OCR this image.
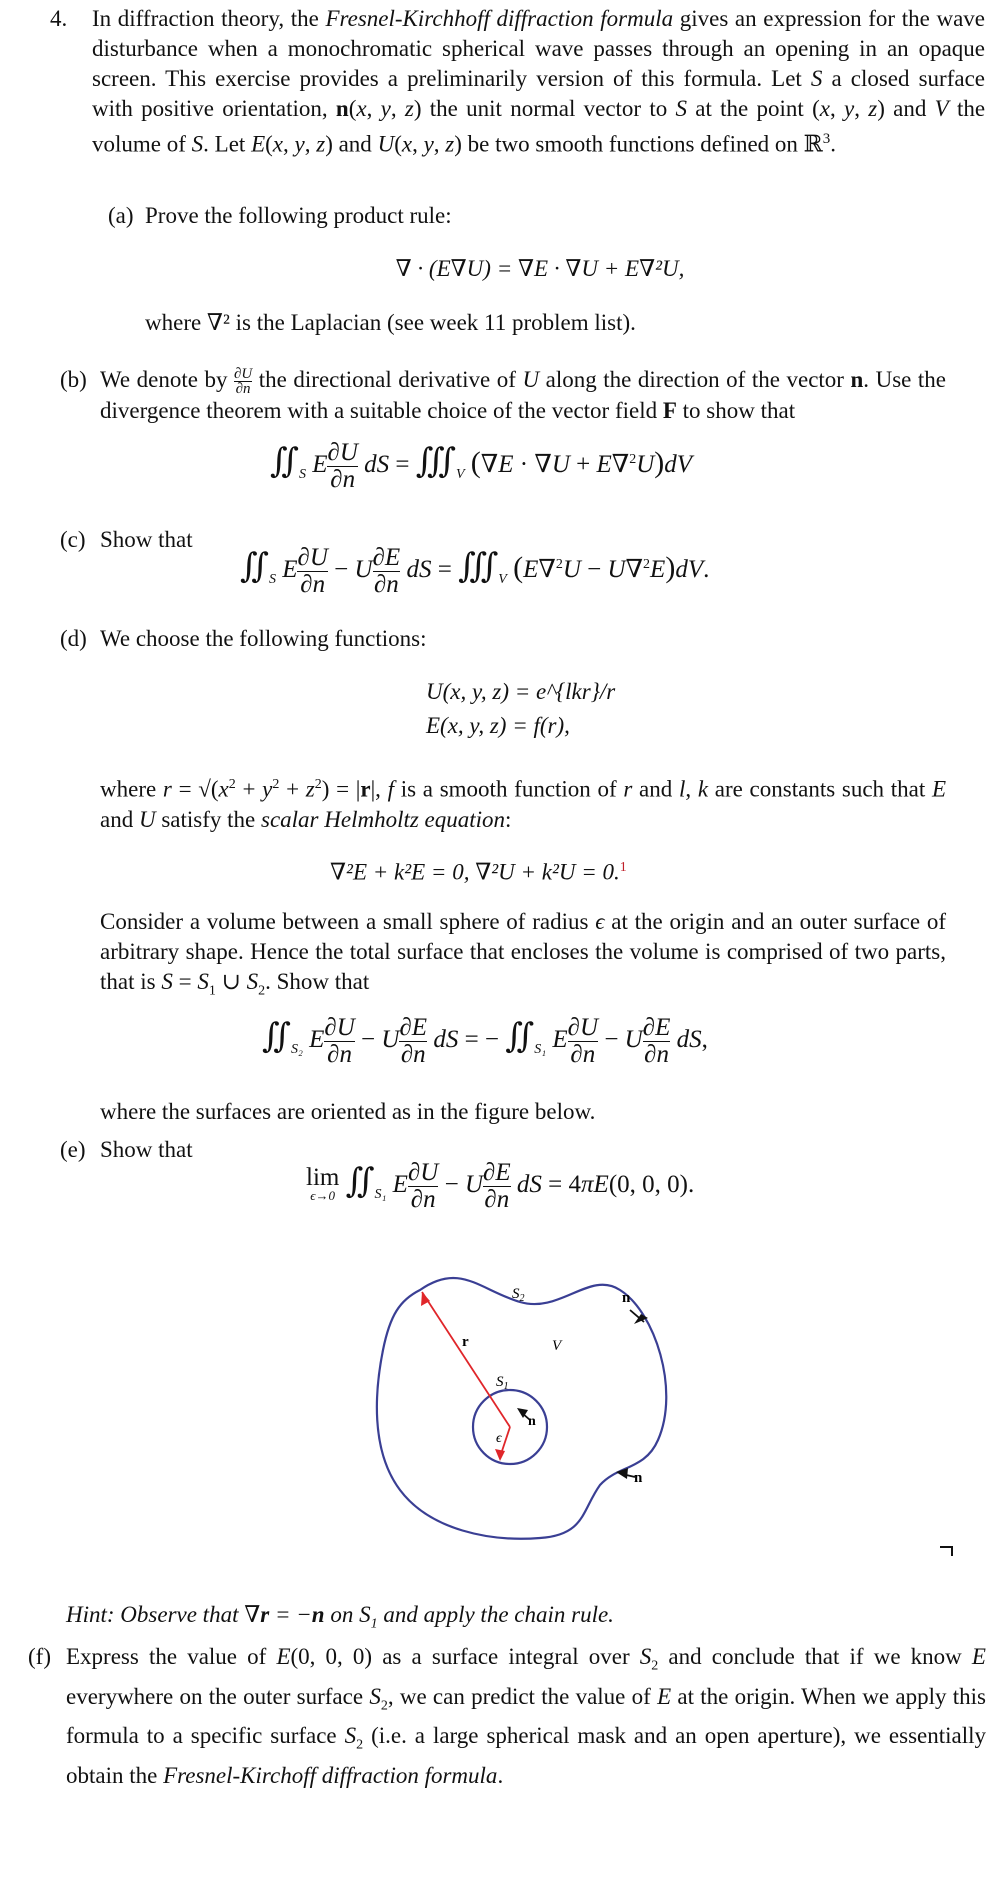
4. In diffraction theory, the Fresnel-Kirchhoff diffraction formula gives an expression for the wave disturbance when a monochromatic spherical wave passes through an opening in an opaque screen. This exercise provides a preliminarily version of this formula. Let S a closed surface with positive orientation, n(x, y, z) the unit normal vector to S at the point (x, y, z) and V the volume of S. Let E(x, y, z) and U(x, y, z) be two smooth functions defined on ℝ$^3$.
(a) Prove the following product rule:
∇ · (E∇U) = ∇E · ∇U + E∇²U,
where ∇² is the Laplacian (see week 11 problem list).
(b) We denote by $\frac{\partial U}{\partial n}$ the directional derivative of U along the direction of the vector n. Use the divergence theorem with a suitable choice of the vector field F to show that
$∬_S$ E $\frac{\partial U}{\partial n}$ dS = $∭_V$ (∇E · ∇U + E∇$^2$U)dV
(c) Show that
$∬_S$ E $\frac{\partial U}{\partial n} - U \frac{\partial E}{\partial n}$ dS = $∭_V$ (E∇$^2$U − U∇$^2$E)dV.
(d) We choose the following functions:
U(x, y, z) = e^{lkr}/r
E(x, y, z) = f(r),
where $r = √(x^2 + y^2 + z^2) = |r|$, f is a smooth function of r and l, k are constants such that E and U satisfy the scalar Helmholtz equation:
∇²E + k²E = 0, ∇²U + k²U = 0.$^1$
Consider a volume between a small sphere of radius ϵ at the origin and an outer surface of arbitrary shape. Hence the total surface that encloses the volume is comprised of two parts, that is $S = S_1$ ∪ $S_2$. Show that
$∬_{S_2}$ E $\frac{\partial U}{\partial n} - U \frac{\partial E}{\partial n}$ dS = − $∬_{S_1}$ E $\frac{\partial U}{\partial n} - U \frac{\partial E}{\partial n}$ dS,
where the surfaces are oriented as in the figure below.
(e) Show that
lim
ϵ→0 $∬_{S_1}$ E $\frac{\partial U}{\partial n} - U \frac{\partial E}{\partial n}$ dS = 4πE(0, 0, 0).
$S_2$	n
r	V
$S_1$
n
ϵ
n
Hint: Observe that ∇r = −n on $S_1$ and apply the chain rule.
(f) Express the value of E(0, 0, 0) as a surface integral over $S_2$ and conclude that if we know E everywhere on the outer surface $S_2$, we can predict the value of E at the origin. When we apply this formula to a specific surface $S_2$ (i.e. a large spherical mask and an open aperture), we essentially obtain the Fresnel-Kirchoff diffraction formula.
